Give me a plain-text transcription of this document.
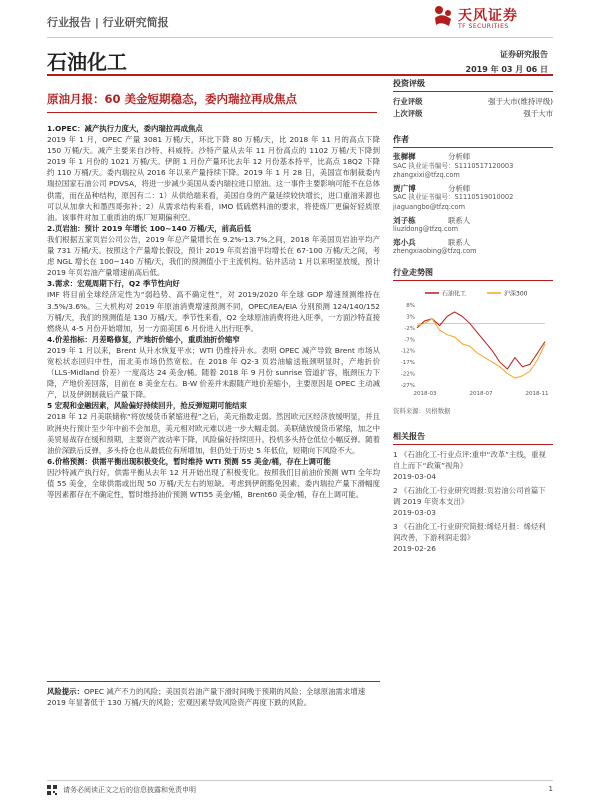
行业报告 | 行业研究简报	天风证券
TF SECURITIES
石油化工	证券研究报告
2019 年 03 月 06 日
原油月报：60 美金短期稳态，委内瑞拉再成焦点

1.OPEC：减产执行力度大，委内瑞拉再成焦点
2019 年 1 月，OPEC 产量 3081 万桶/天，环比下降 80 万桶/天，比 2018 年 11 月的高点下降 150 万桶/天。减产主要来自沙特、科威特。沙特产量从去年 11 月份高点的 1102 万桶/天下降到 2019 年 1 月份的 1021 万桶/天。伊朗 1 月份产量环比去年 12 月份基本持平，比高点 18Q2 下降约 110 万桶/天。委内瑞拉从 2016 年以来产量持续下降。2019 年 1 月 28 日，美国宣布制裁委内瑞拉国家石油公司 PDVSA，将进一步减少美国从委内瑞拉进口原油。这一事件主要影响可能不在总体供需，而在品种结构，原因有二：1）从供给端来看，美国自身的产量延续较快增长，进口重油来源也可以从加拿大和墨西哥弥补；2）从需求结构来看，IMO 低硫燃料油的要求，将使炼厂更偏好轻质原油。该事件对加工重质油的炼厂短期偏利空。

2.页岩油：预计 2019 年增长 100~140 万桶/天，前高后低
我们根据五家页岩公司公告，2019 年总产量增长在 9.2%-13.7%之间，2018 年美国页岩油平均产量 731 万桶/天。按照这个产量增长假设，预计 2019 年页岩油平均增长在 67-100 万桶/天之间，考虑 NGL 增长在 100~140 万桶/天，我们的预测值小于主流机构。钻井活动 1 月以来明显放缓，预计 2019 年页岩油产量增速前高后低。

3.需求：宏观周期下行，Q2 季节性向好
IMF 将目前全球经济定性为“弱趋势、高不确定性”，对 2019/2020 年全球 GDP 增速预测维持在 3.5%/3.6%。三大机构对 2019 年原油消费增速预测不同，OPEC/IEA/EIA 分别预测 124/140/152 万桶/天，我们的预测值是 130 万桶/天。季节性来看，Q2 全球原油消费将进入旺季，一方面沙特直接燃烧从 4-5 月份开始增加，另一方面美国 6 月份进入出行旺季。

4.价差指标：月差略修复，产地折价缩小，重质油折价缩窄
2019 年 1 月以来，Brent 从升水恢复平水；WTI 仍维持升水。表明 OPEC 减产导致 Brent 市场从宽松状态回归中性，而北美市场仍然宽松。在 2018 年 Q2-3 页岩油输送瓶颈明显时，产地折价（LLS-Midland 价差）一度高达 24 美金/桶。随着 2018 年 9 月份 sunrise 管道扩容，瓶颈压力下降，产地价差回落，目前在 8 美金左右。B-W 价差并未跟随产地价差缩小，主要原因是 OPEC 主动减产，以及伊朗制裁后产量下降。

5 宏观和金融因素，风险偏好持续回升，抢反弹短期可能结束
2018 年 12 月美联储称“将放缓货币紧缩进程”之后，美元指数走弱。然因欧元区经济放缓明显，并且欧洲央行预计至少年中前不会加息，美元相对欧元难以进一步大幅走弱。美联储放缓货币紧缩，加之中美贸易战存在缓和预期，主要资产波动率下降，风险偏好持续回升。投机多头持仓低位小幅反弹。随着油价深跌后反弹，多头持仓也从最低位有所增加，但仍处于历史 5 年低位，短期向下风险不大。

6.价格预测：供需平衡出现积极变化，暂时维持 WTI 预测 55 美金/桶，存在上调可能
因沙特减产执行好，供需平衡从去年 12 月开始出现了积极变化。按照我们目前油价预测 WTI 全年均值 55 美金，全球供需或出现 50 万桶/天左右的短缺。考虑到伊朗豁免因素、委内瑞拉产量下滑幅度等因素都存在不确定性，暂时维持油价预测 WTI55 美金/桶，Brent60 美金/桶，存在上调可能。

风险提示：OPEC 减产不力的风险；美国页岩油产量下滑时间晚于预期的风险；全球原油需求增速 2019 年显著低于 130 万桶/天的风险；宏观因素导致风险资产再度下跌的风险。
投资评级
行业评级	强于大市(维持评级)
上次评级	强于大市
作者
张樨樨	分析师
SAC 执业证书编号：S1110517120003
zhangxixi@tfzq.com
贾广博	分析师
SAC 执业证书编号：S1110519010002
jiaguangbo@tfzq.com
刘子栋	联系人
liuzidong@tfzq.com
郑小兵	联系人
zhengxiaobing@tfzq.com
行业走势图
石油化工	沪深300
8%
3%
-2%
-7%
-12%
-17%
-22%
-27%
2018-03	2018-07	2018-11
资料来源：贝格数据
相关报告
1 《石油化工-行业点评:重申“改革”主线，重视自上而下“政策”视角》
2019-03-04
2 《石油化工-行业研究周报:页岩油公司首篇下调 2019 年资本支出》
2019-03-03
3 《石油化工-行业研究简报:烯烃月报：烯烃利润改善，下游利润走弱》
2019-02-26
请务必阅读正文之后的信息披露和免责申明	1
